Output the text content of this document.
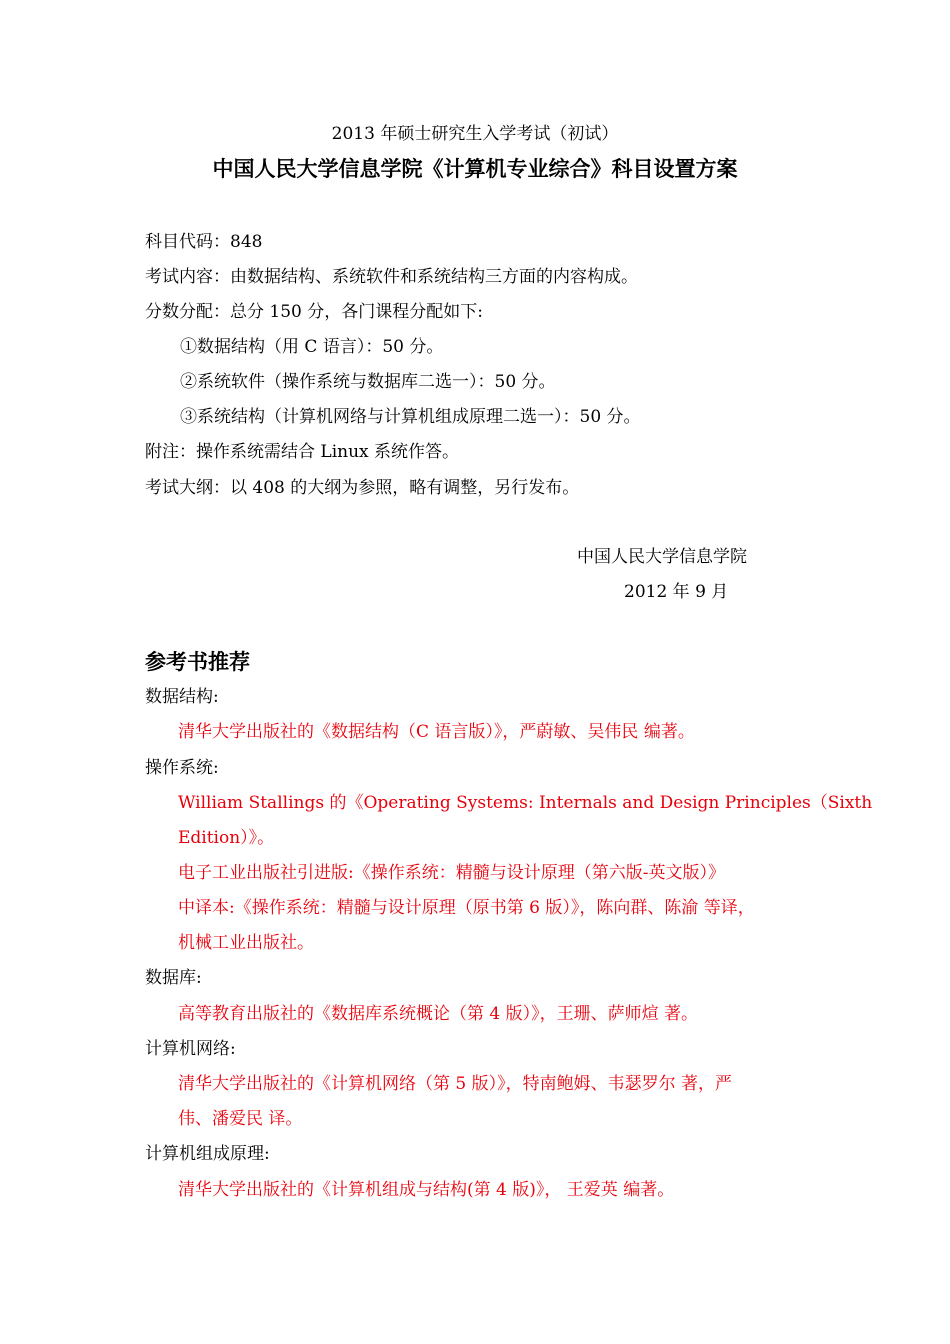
2013 年硕士研究生入学考试（初试）
中国人民大学信息学院《计算机专业综合》科目设置方案
科目代码：848
考试内容：由数据结构、系统软件和系统结构三方面的内容构成。
分数分配：总分 150 分，各门课程分配如下:
①数据结构（用 C 语言）：50 分。
②系统软件（操作系统与数据库二选一）：50 分。
③系统结构（计算机网络与计算机组成原理二选一）：50 分。
附注：操作系统需结合 Linux 系统作答。
考试大纲：以 408 的大纲为参照，略有调整，另行发布。
中国人民大学信息学院
2012 年 9 月
参考书推荐
数据结构:
清华大学出版社的《数据结构（C 语言版）》，严蔚敏、吴伟民 编著。
操作系统:
William Stallings 的《Operating Systems: Internals and Design Principles（Sixth
Edition）》。
电子工业出版社引进版:《操作系统：精髓与设计原理（第六版-英文版）》
中译本:《操作系统：精髓与设计原理（原书第 6 版）》，陈向群、陈渝 等译，
机械工业出版社。
数据库:
高等教育出版社的《数据库系统概论（第 4 版）》，王珊、萨师煊 著。
计算机网络:
清华大学出版社的《计算机网络（第 5 版）》，特南鲍姆、韦瑟罗尔 著，严
伟、潘爱民 译。
计算机组成原理:
清华大学出版社的《计算机组成与结构(第 4 版)》， 王爱英 编著。
